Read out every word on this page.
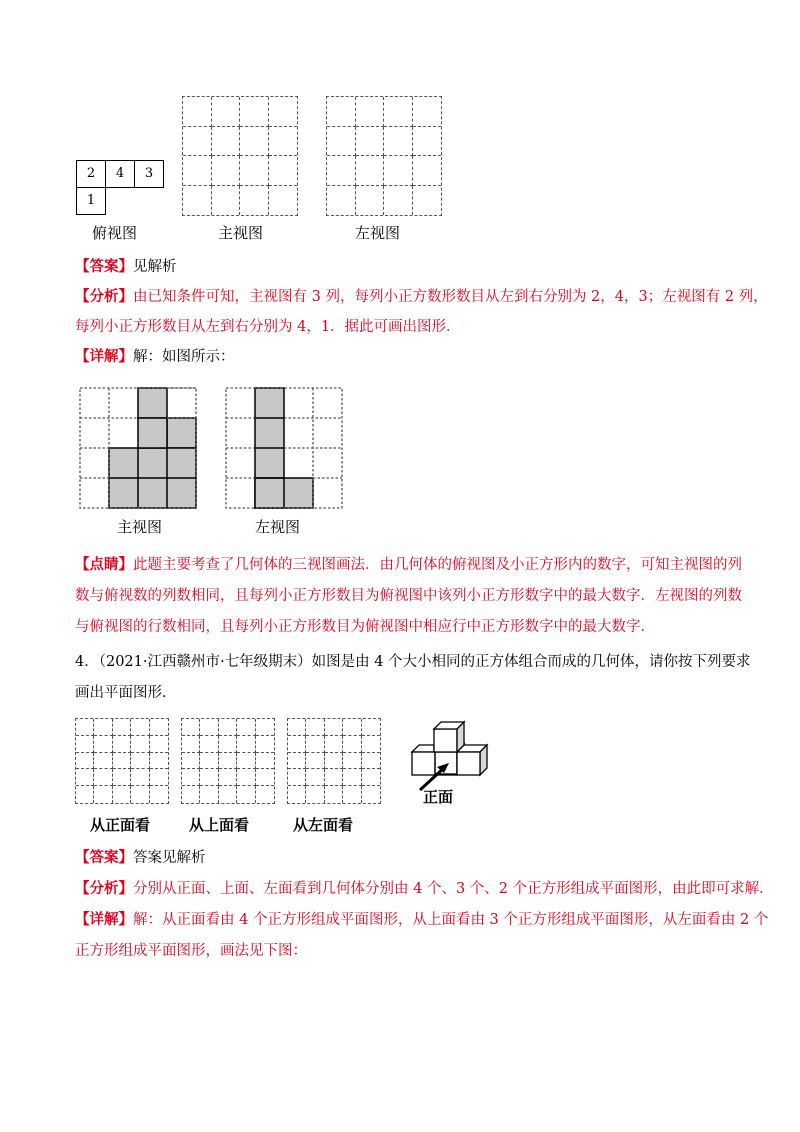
2	4	3
1
俯视图	主视图	左视图
【答案】见解析
【分析】由已知条件可知，主视图有 3 列，每列小正方数形数目从左到右分别为 2，4，3；左视图有 2 列，
每列小正方形数目从左到右分别为 4，1．据此可画出图形．
【详解】解：如图所示：
主视图	左视图
【点睛】此题主要考查了几何体的三视图画法．由几何体的俯视图及小正方形内的数字，可知主视图的列
数与俯视数的列数相同，且每列小正方形数目为俯视图中该列小正方形数字中的最大数字．左视图的列数
与俯视图的行数相同，且每列小正方形数目为俯视图中相应行中正方形数字中的最大数字．
4．（2021·江西赣州市·七年级期末）如图是由 4 个大小相同的正方体组合而成的几何体，请你按下列要求
画出平面图形．
从正面看	从上面看	从左面看
正面
【答案】答案见解析
【分析】分别从正面、上面、左面看到几何体分别由 4 个、3 个、2 个正方形组成平面图形，由此即可求解．
【详解】解：从正面看由 4 个正方形组成平面图形，从上面看由 3 个正方形组成平面图形，从左面看由 2 个
正方形组成平面图形，画法见下图：
